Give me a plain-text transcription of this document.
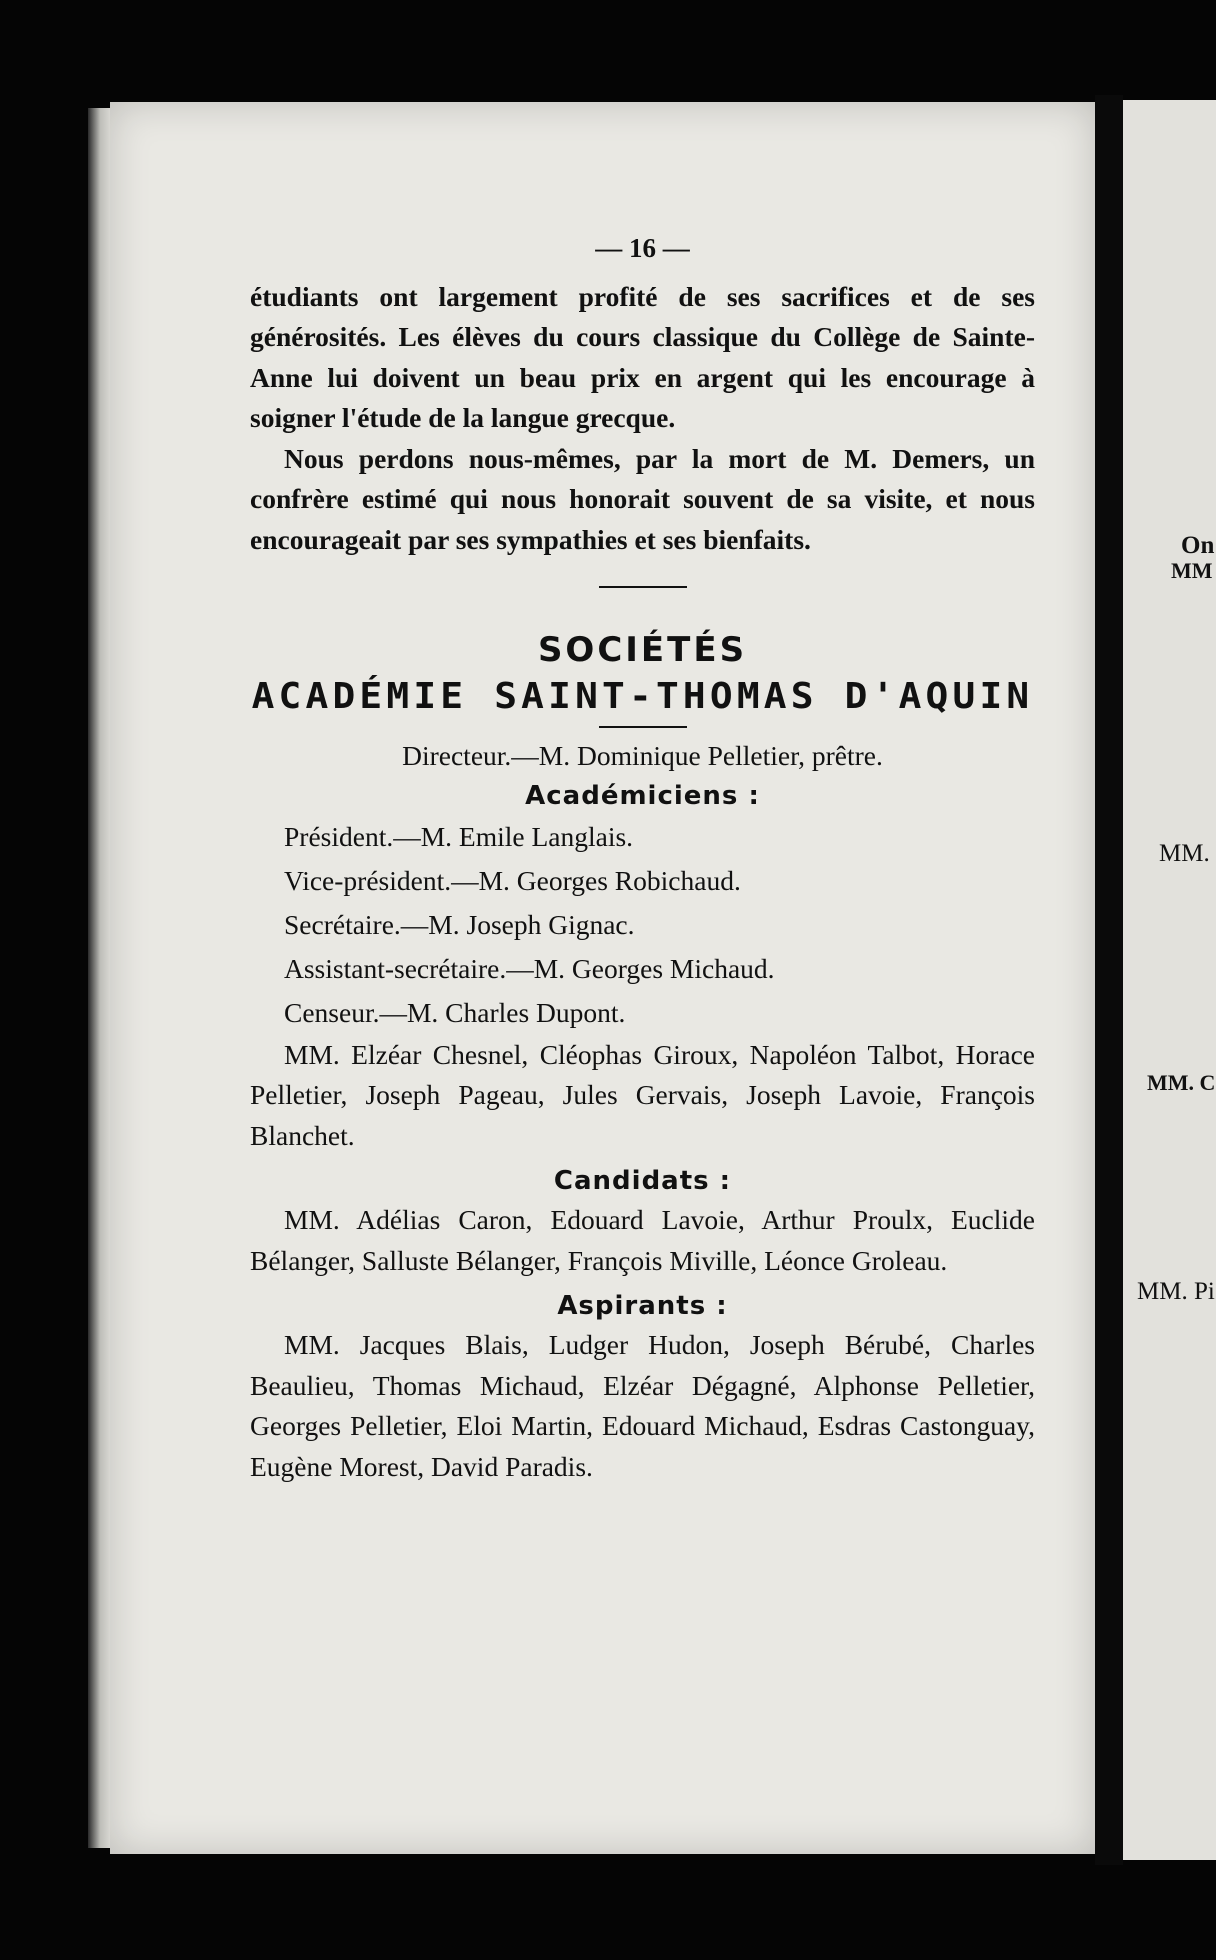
On
MM
MM.
MM. C
MM. Pi
— 16 —

étudiants ont largement profité de ses sacrifices et de ses générosités. Les élèves du cours classique du Collège de Sainte-Anne lui doivent un beau prix en argent qui les encourage à soigner l'étude de la langue grecque.

Nous perdons nous-mêmes, par la mort de M. Demers, un confrère estimé qui nous honorait souvent de sa visite, et nous encourageait par ses sympathies et ses bienfaits.

SOCIÉTÉS
ACADÉMIE SAINT-THOMAS D'AQUIN
Directeur.—M. Dominique Pelletier, prêtre.
Académiciens :
Président.—M. Emile Langlais.
Vice-président.—M. Georges Robichaud.
Secrétaire.—M. Joseph Gignac.
Assistant-secrétaire.—M. Georges Michaud.
Censeur.—M. Charles Dupont.

MM. Elzéar Chesnel, Cléophas Giroux, Napoléon Talbot, Horace Pelletier, Joseph Pageau, Jules Gervais, Joseph Lavoie, François Blanchet.

Candidats :

MM. Adélias Caron, Edouard Lavoie, Arthur Proulx, Euclide Bélanger, Salluste Bélanger, François Miville, Léonce Groleau.

Aspirants :

MM. Jacques Blais, Ludger Hudon, Joseph Bérubé, Charles Beaulieu, Thomas Michaud, Elzéar Dégagné, Alphonse Pelletier, Georges Pelletier, Eloi Martin, Edouard Michaud, Esdras Castonguay, Eugène Morest, David Paradis.
